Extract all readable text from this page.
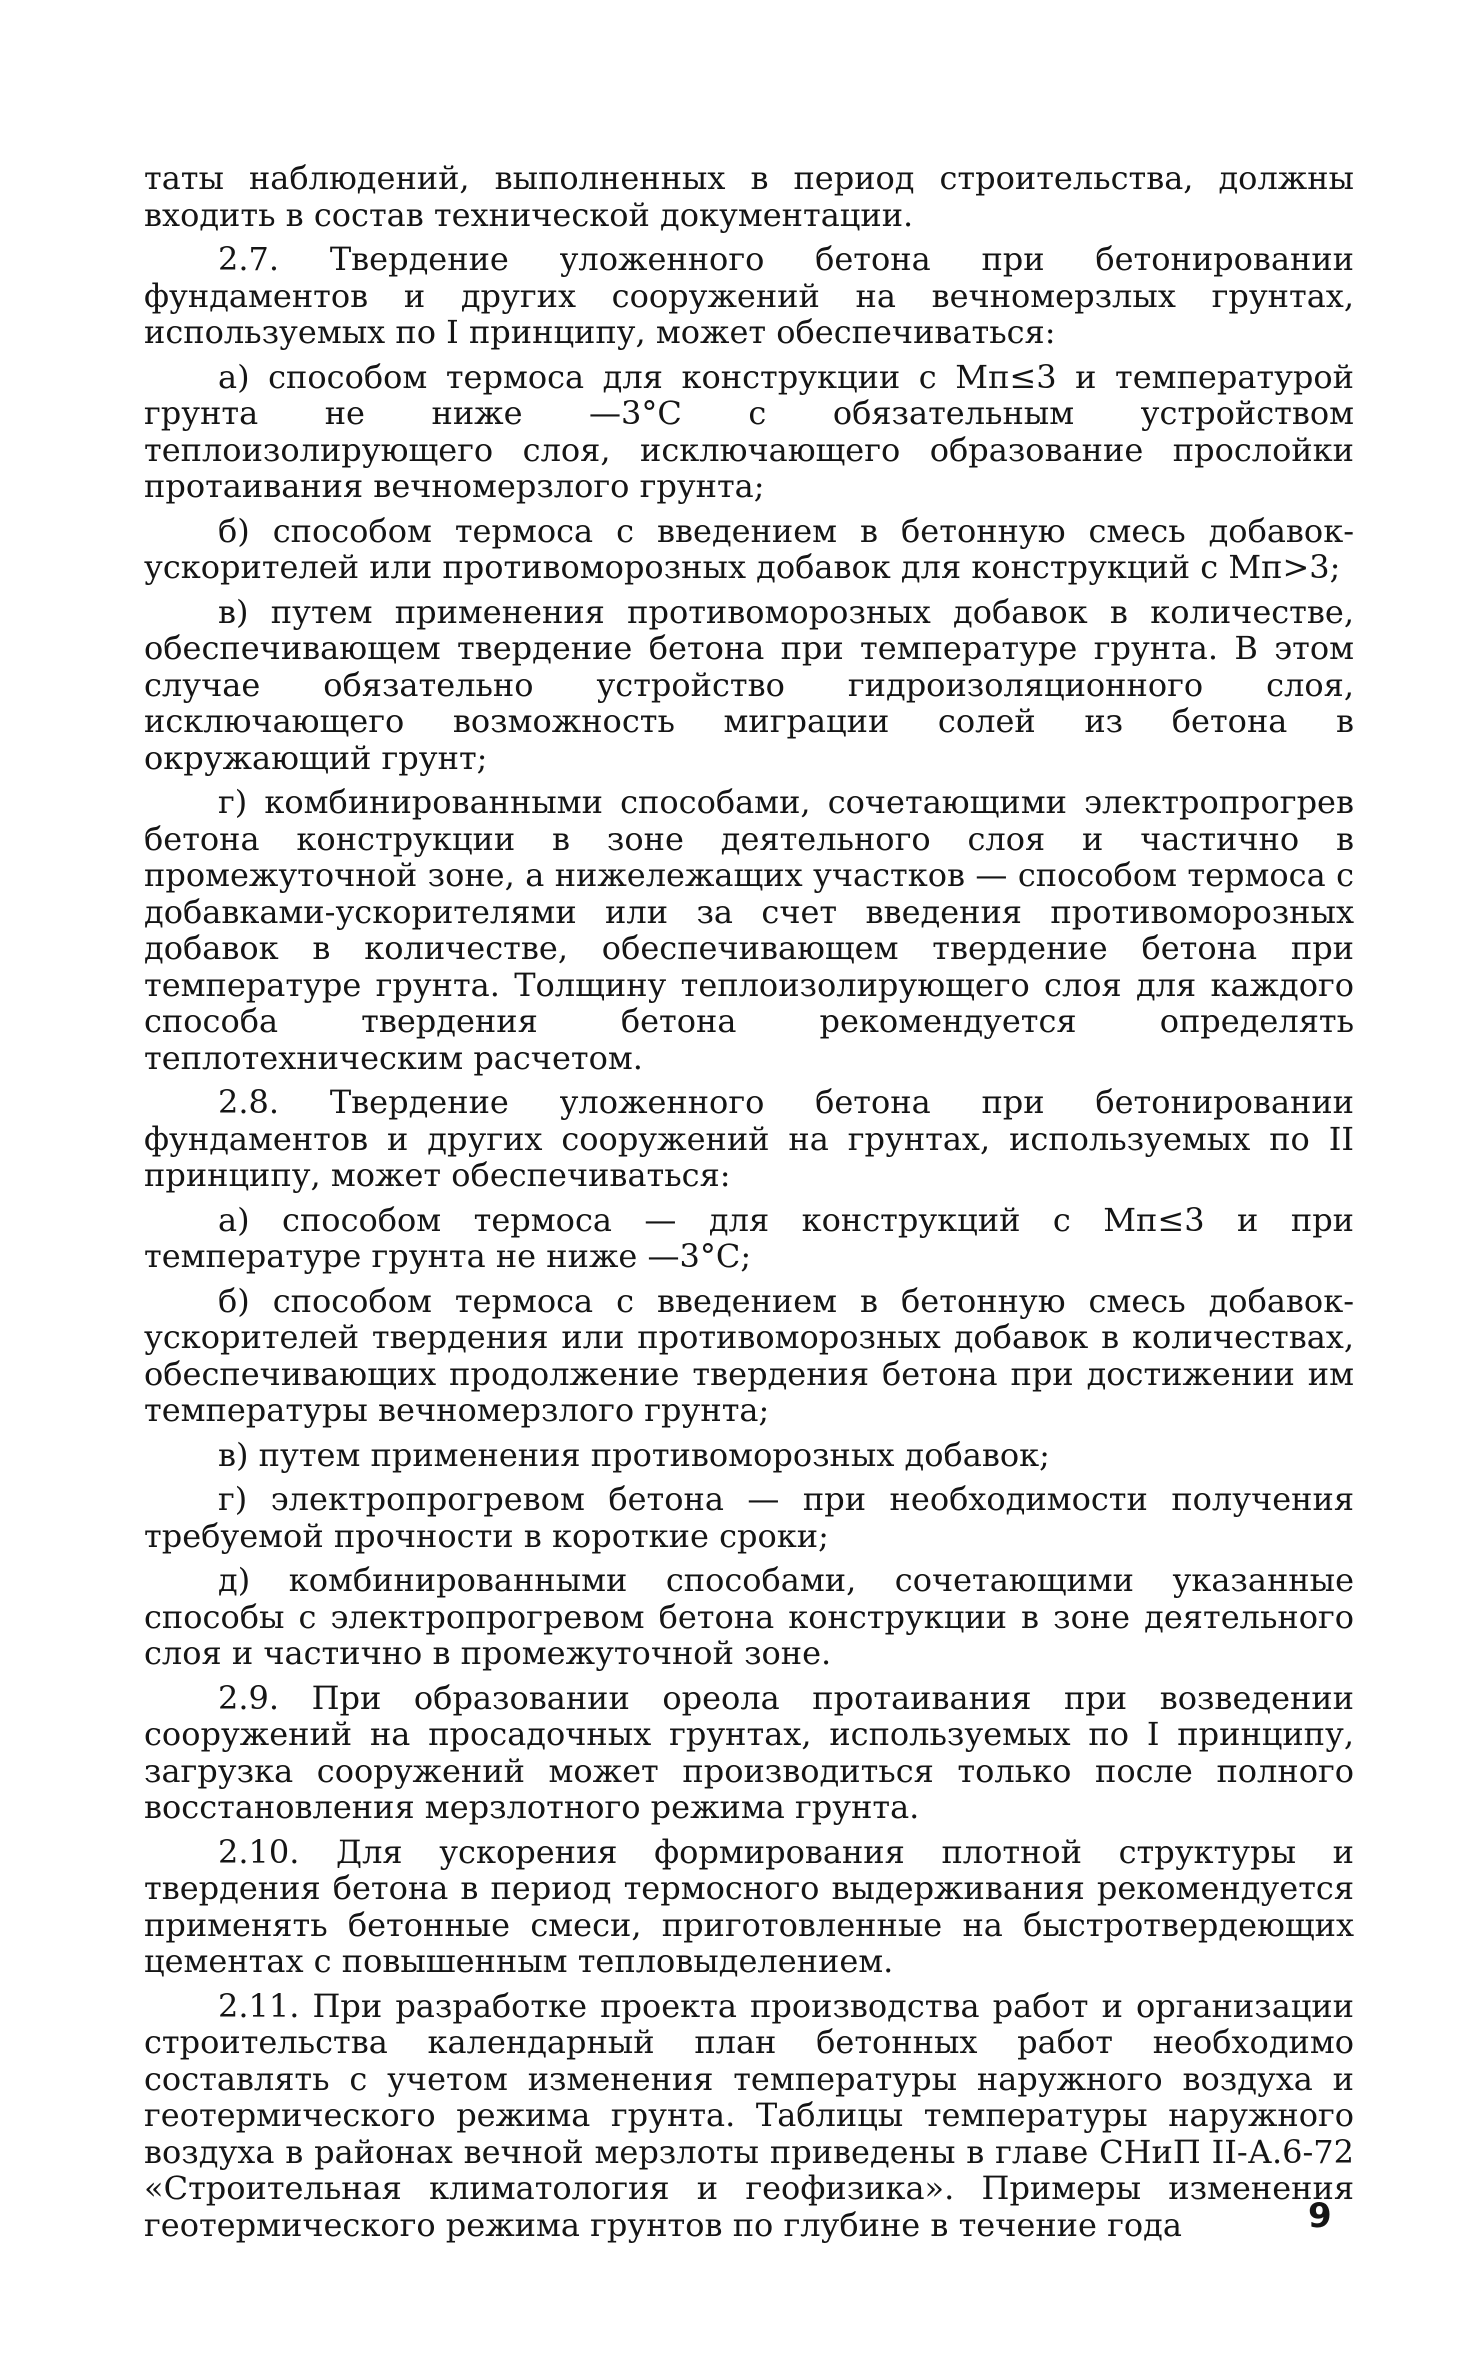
таты наблюдений, выполненных в период строительства, должны входить в состав технической документации.

2.7. Твердение уложенного бетона при бетонировании фундаментов и других сооружений на вечномерзлых грунтах, используемых по I принципу, может обеспечиваться:

а) способом термоса для конструкции с Мп≤3 и температурой грунта не ниже —3°С с обязательным устройством теплоизолирующего слоя, исключающего образование прослойки протаивания вечномерзлого грунта;

б) способом термоса с введением в бетонную смесь добавок-ускорителей или противоморозных добавок для конструкций с Мп>3;

в) путем применения противоморозных добавок в количестве, обеспечивающем твердение бетона при температуре грунта. В этом случае обязательно устройство гидроизоляционного слоя, исключающего возможность миграции солей из бетона в окружающий грунт;

г) комбинированными способами, сочетающими электропрогрев бетона конструкции в зоне деятельного слоя и частично в промежуточной зоне, а нижележащих участков — способом термоса с добавками-ускорителями или за счет введения противоморозных добавок в количестве, обеспечивающем твердение бетона при температуре грунта. Толщину теплоизолирующего слоя для каждого способа твердения бетона рекомендуется определять теплотехническим расчетом.

2.8. Твердение уложенного бетона при бетонировании фундаментов и других сооружений на грунтах, используемых по II принципу, может обеспечиваться:

а) способом термоса — для конструкций с Мп≤3 и при температуре грунта не ниже —3°С;

б) способом термоса с введением в бетонную смесь добавок-ускорителей твердения или противоморозных добавок в количествах, обеспечивающих продолжение твердения бетона при достижении им температуры вечномерзлого грунта;

в) путем применения противоморозных добавок;

г) электропрогревом бетона — при необходимости получения требуемой прочности в короткие сроки;

д) комбинированными способами, сочетающими указанные способы с электропрогревом бетона конструкции в зоне деятельного слоя и частично в промежуточной зоне.

2.9. При образовании ореола протаивания при возведении сооружений на просадочных грунтах, используемых по I принципу, загрузка сооружений может производиться только после полного восстановления мерзлотного режима грунта.

2.10. Для ускорения формирования плотной структуры и твердения бетона в период термосного выдерживания рекомендуется применять бетонные смеси, приготовленные на быстротвердеющих цементах с повышенным тепловыделением.

2.11. При разработке проекта производства работ и организации строительства календарный план бетонных работ необходимо составлять с учетом изменения температуры наружного воздуха и геотермического режима грунта. Таблицы температуры наружного воздуха в районах вечной мерзлоты приведены в главе СНиП II-А.6-72 «Строительная климатология и геофизика». Примеры изменения геотермического режима грунтов по глубине в течение года	9
